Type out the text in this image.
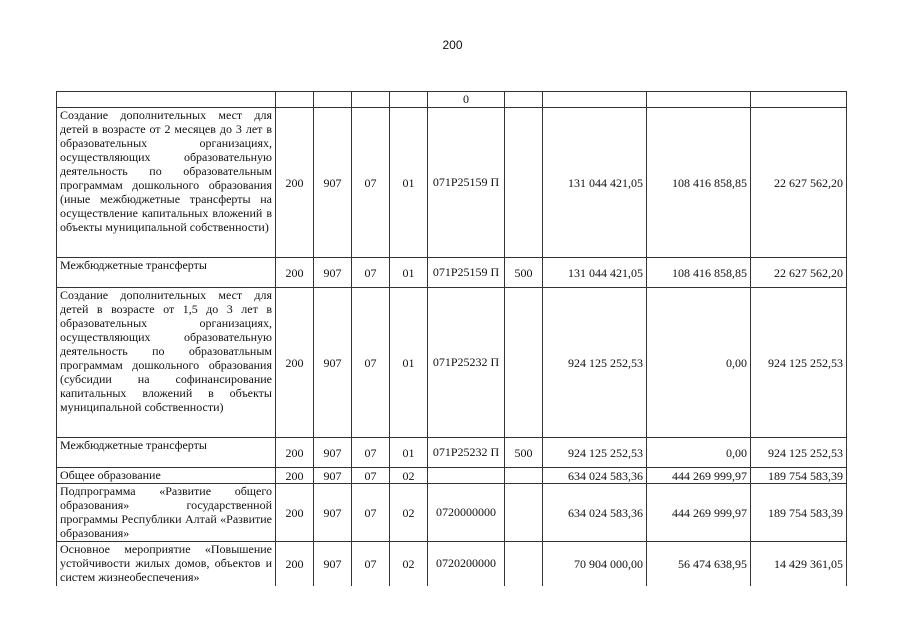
200
					0				
Создание дополнительных мест для детей в возрасте от 2 месяцев до 3 лет в образовательных организациях, осуществляющих образовательную деятельность по образовательным программам дошкольного образования (иные межбюджетные трансферты на осуществление капитальных вложений в объекты муниципальной собственности)	200	907	07	01	071P25159 П		131 044 421,05	108 416 858,85	22 627 562,20
Межбюджетные трансферты	200	907	07	01	071P25159 П	500	131 044 421,05	108 416 858,85	22 627 562,20
Создание дополнительных мест для детей в возрасте от 1,5 до 3 лет в образовательных организациях, осуществляющих образовательную деятельность по образоватльным программам дошкольного образования (субсидии на софинансирование капитальных вложений в объекты муниципальной собственности)	200	907	07	01	071P25232 П		924 125 252,53	0,00	924 125 252,53
Межбюджетные трансферты	200	907	07	01	071P25232 П	500	924 125 252,53	0,00	924 125 252,53
Общее образование	200	907	07	02			634 024 583,36	444 269 999,97	189 754 583,39
Подпрограмма «Развитие общего образования» государственной программы Республики Алтай «Развитие образования»	200	907	07	02	0720000000		634 024 583,36	444 269 999,97	189 754 583,39
Основное мероприятие «Повышение устойчивости жилых домов, объектов и систем жизнеобеспечения»	200	907	07	02	0720200000		70 904 000,00	56 474 638,95	14 429 361,05
